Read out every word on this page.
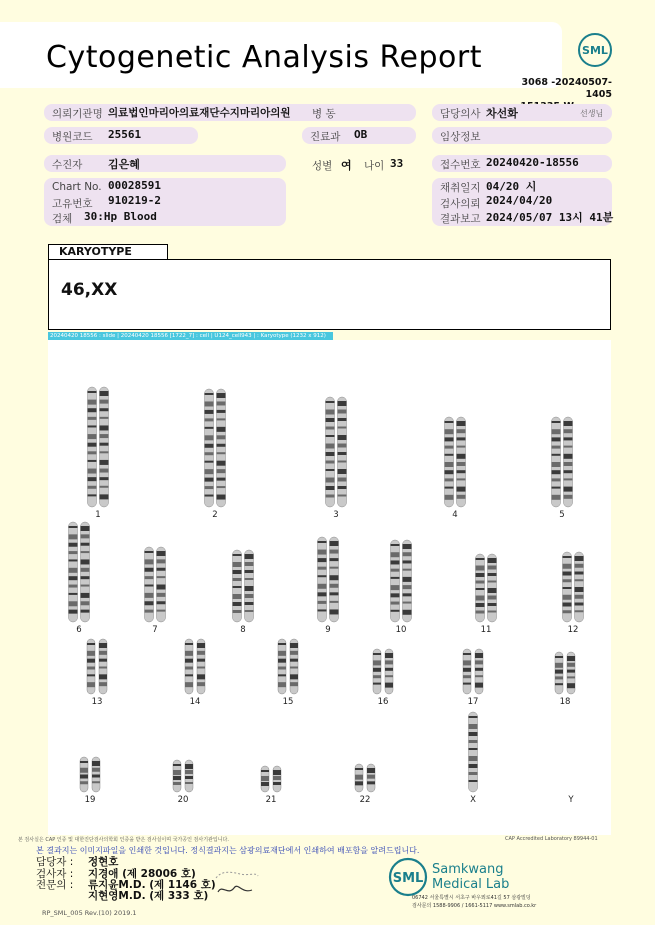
Cytogenetic Analysis Report	SML
3068 -20240507-1405
의뢰기관명 의료법인마리아의료재단수지마리아의원 병 동	담당의사 차선화	선생님
병원코드 25561	진료과 OB	임상정보
수진자 김은혜	성별 여 나이 33	접수번호 20240420-18556
Chart No. 00028591
고유번호 910219-2
검체 30:Hp Blood
채취일지 04/20 시
검사의뢰 2024/04/20
결과보고 2024/05/07 13시 41분
KARYOTYPE
46,XX
20240420 18556 : slide | 20240420 18556 [1722_7] : cell | U124_cell943 | : Karyotype (1232 x 912)
1	2	3	4	5
6	7	8	9	10	11	12
13	14	15	16	17	18
19	20	21	22	X	Y
본 검사실은 CAP 인증 및 대한진단검사의학회 인증을 받은 검사실이며 국가공인 검사기관입니다.	CAP Accredited Laboratory 89944-01
본 결과지는 이미지파일을 인쇄한 것입니다. 정식결과지는 삼광의료재단에서 인쇄하여 배포함을 알려드립니다.
담당자 : 정현호
검사자 : 지경애 (제 28006 호)
전문의 : 류지윤M.D. (제 1146 호)
지현영M.D. (제 333 호)
RP_SML_005 Rev.(10) 2019.1
SML
Samkwang
Medical Lab
06742 서울특별시 서초구 바우뫼로41길 57 삼광빌딩
검사문의 1588-9906 / 1661-5117 www.smlab.co.kr
